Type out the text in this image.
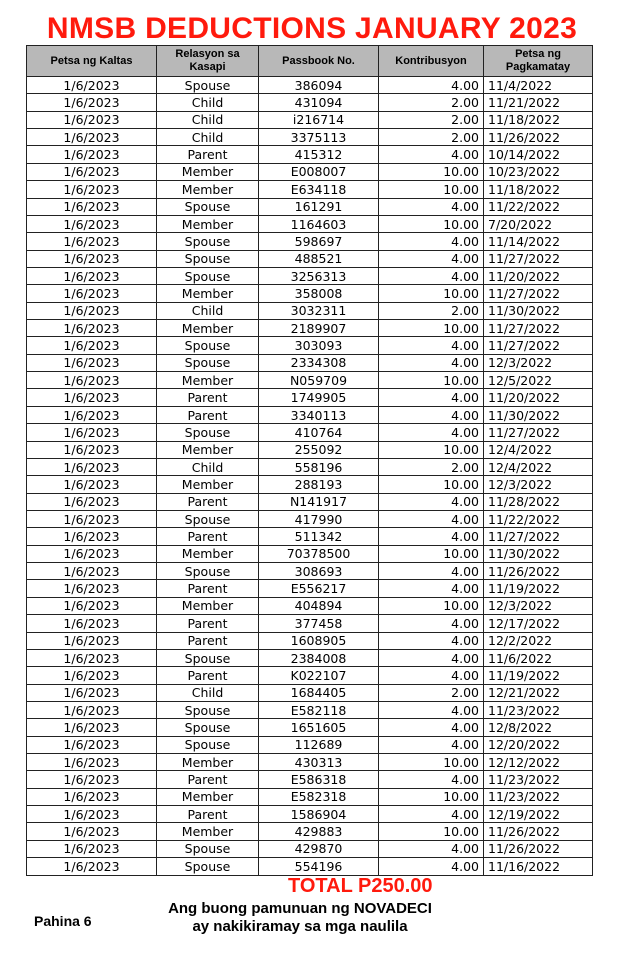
NMSB DEDUCTIONS JANUARY 2023
Petsa ng Kaltas	Relasyon sa Kasapi	Passbook No.	Kontribusyon	Petsa ng Pagkamatay
1/6/2023	Spouse	386094	4.00	11/4/2022
1/6/2023	Child	431094	2.00	11/21/2022
1/6/2023	Child	i216714	2.00	11/18/2022
1/6/2023	Child	3375113	2.00	11/26/2022
1/6/2023	Parent	415312	4.00	10/14/2022
1/6/2023	Member	E008007	10.00	10/23/2022
1/6/2023	Member	E634118	10.00	11/18/2022
1/6/2023	Spouse	161291	4.00	11/22/2022
1/6/2023	Member	1164603	10.00	7/20/2022
1/6/2023	Spouse	598697	4.00	11/14/2022
1/6/2023	Spouse	488521	4.00	11/27/2022
1/6/2023	Spouse	3256313	4.00	11/20/2022
1/6/2023	Member	358008	10.00	11/27/2022
1/6/2023	Child	3032311	2.00	11/30/2022
1/6/2023	Member	2189907	10.00	11/27/2022
1/6/2023	Spouse	303093	4.00	11/27/2022
1/6/2023	Spouse	2334308	4.00	12/3/2022
1/6/2023	Member	N059709	10.00	12/5/2022
1/6/2023	Parent	1749905	4.00	11/20/2022
1/6/2023	Parent	3340113	4.00	11/30/2022
1/6/2023	Spouse	410764	4.00	11/27/2022
1/6/2023	Member	255092	10.00	12/4/2022
1/6/2023	Child	558196	2.00	12/4/2022
1/6/2023	Member	288193	10.00	12/3/2022
1/6/2023	Parent	N141917	4.00	11/28/2022
1/6/2023	Spouse	417990	4.00	11/22/2022
1/6/2023	Parent	511342	4.00	11/27/2022
1/6/2023	Member	70378500	10.00	11/30/2022
1/6/2023	Spouse	308693	4.00	11/26/2022
1/6/2023	Parent	E556217	4.00	11/19/2022
1/6/2023	Member	404894	10.00	12/3/2022
1/6/2023	Parent	377458	4.00	12/17/2022
1/6/2023	Parent	1608905	4.00	12/2/2022
1/6/2023	Spouse	2384008	4.00	11/6/2022
1/6/2023	Parent	K022107	4.00	11/19/2022
1/6/2023	Child	1684405	2.00	12/21/2022
1/6/2023	Spouse	E582118	4.00	11/23/2022
1/6/2023	Spouse	1651605	4.00	12/8/2022
1/6/2023	Spouse	112689	4.00	12/20/2022
1/6/2023	Member	430313	10.00	12/12/2022
1/6/2023	Parent	E586318	4.00	11/23/2022
1/6/2023	Member	E582318	10.00	11/23/2022
1/6/2023	Parent	1586904	4.00	12/19/2022
1/6/2023	Member	429883	10.00	11/26/2022
1/6/2023	Spouse	429870	4.00	11/26/2022
1/6/2023	Spouse	554196	4.00	11/16/2022
TOTAL P250.00
Pahina 6
Ang buong pamunuan ng NOVADECI
ay nakikiramay sa mga naulila
